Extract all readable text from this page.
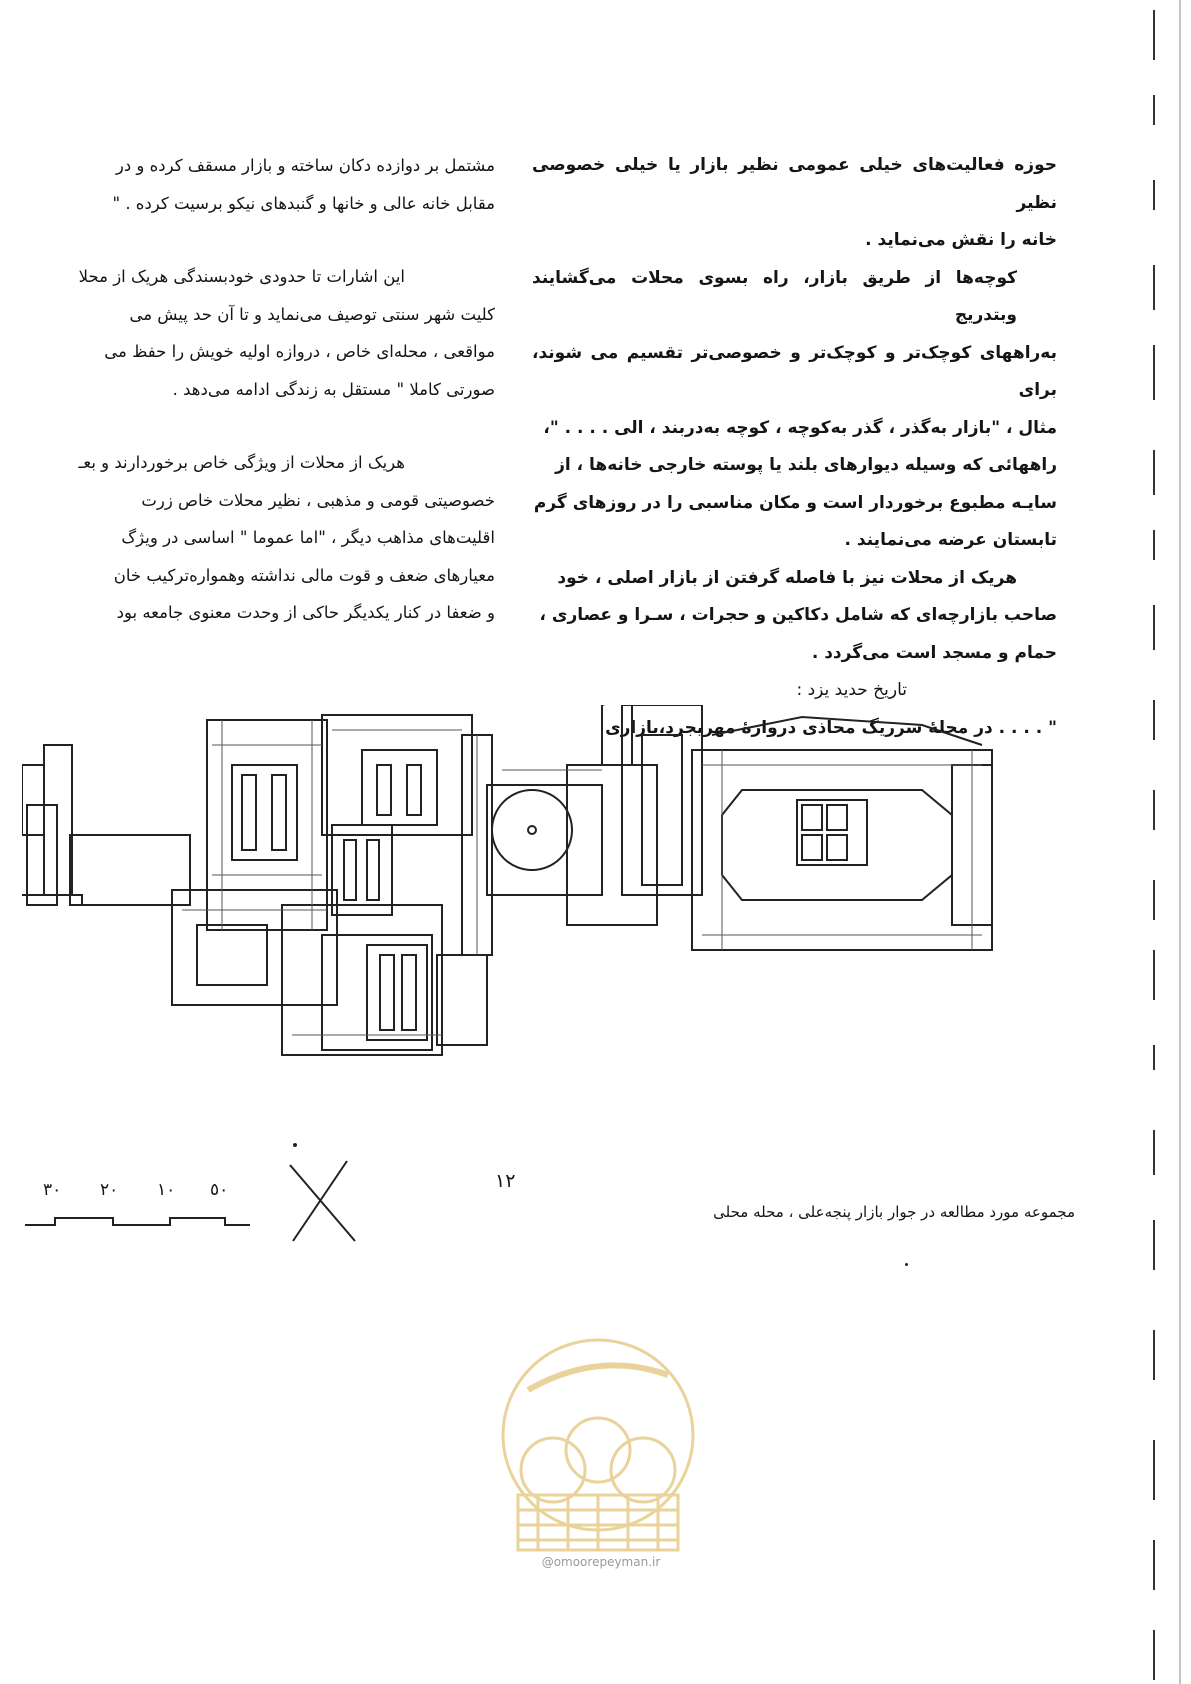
حوزه فعالیت‌های خیلی عمومی نظیر بازار یا خیلی خصوصی نظیر

خانه را نقش می‌نماید .

کوچه‌ها از طریق بازار، راه بسوی محلات می‌گشایند وبتدریج

به‌راههای کوچک‌تر و کوچک‌تر و خصوصی‌تر تقسیم می شوند، برای

مثال ، "بازار به‌گذر ، گذر به‌کوچه ، کوچه به‌دربند ، الی . . . . "،

راههائی که وسیله دیوارهای بلند یا پوسته خارجی خانه‌ها ، از

سایـه مطبوع برخوردار است و مکان مناسبی را در روزهای گرم

تابستان عرضه می‌نمایند .

هریک از محلات نیز با فاصله گرفتن از بازار اصلی ، خود

صاحب بازارچه‌ای که شامل دکاکین و حجرات ، سـرا و عصاری ،

حمام و مسجد است می‌گردد .

تاریخ حدید یزد :

" . . . . در محلهٔ سرریگ محاذی دروازهٔ مهریجرد،بازاری

مشتمل بر دوازده دکان ساخته و بازار مسقف کرده و در

مقابل خانه عالی و خانها و گنبدهای نیکو برسیت کرده . "

این اشارات تا حدودی خودبسندگی هریک از محلا

کلیت شهر سنتی توصیف می‌نماید و تا آن حد پیش می

مواقعی ، محله‌ای خاص ، دروازه اولیه خویش را حفظ می

صورتی کاملا " مستقل به زندگی ادامه می‌دهد .

هریک از محلات از ویژگی خاص برخوردارند و بعـ

خصوصیتی قومی و مذهبی ، نظیر محلات خاص زرت

اقلیت‌های مذاهب دیگر ، "اما عموما " اساسی در ویژگ

معیارهای ضعف و قوت مالی نداشته وهمواره‌ترکیب خان

و ضعفا در کنار یکدیگر حاکی از وحدت معنوی جامعه بود

٣٠ ٢٠ ١٠ ٥٠	١٢
مجموعه مورد مطالعه در جوار بازار پنجه‌علی ، محله محلی
@omoorepeyman.ir
